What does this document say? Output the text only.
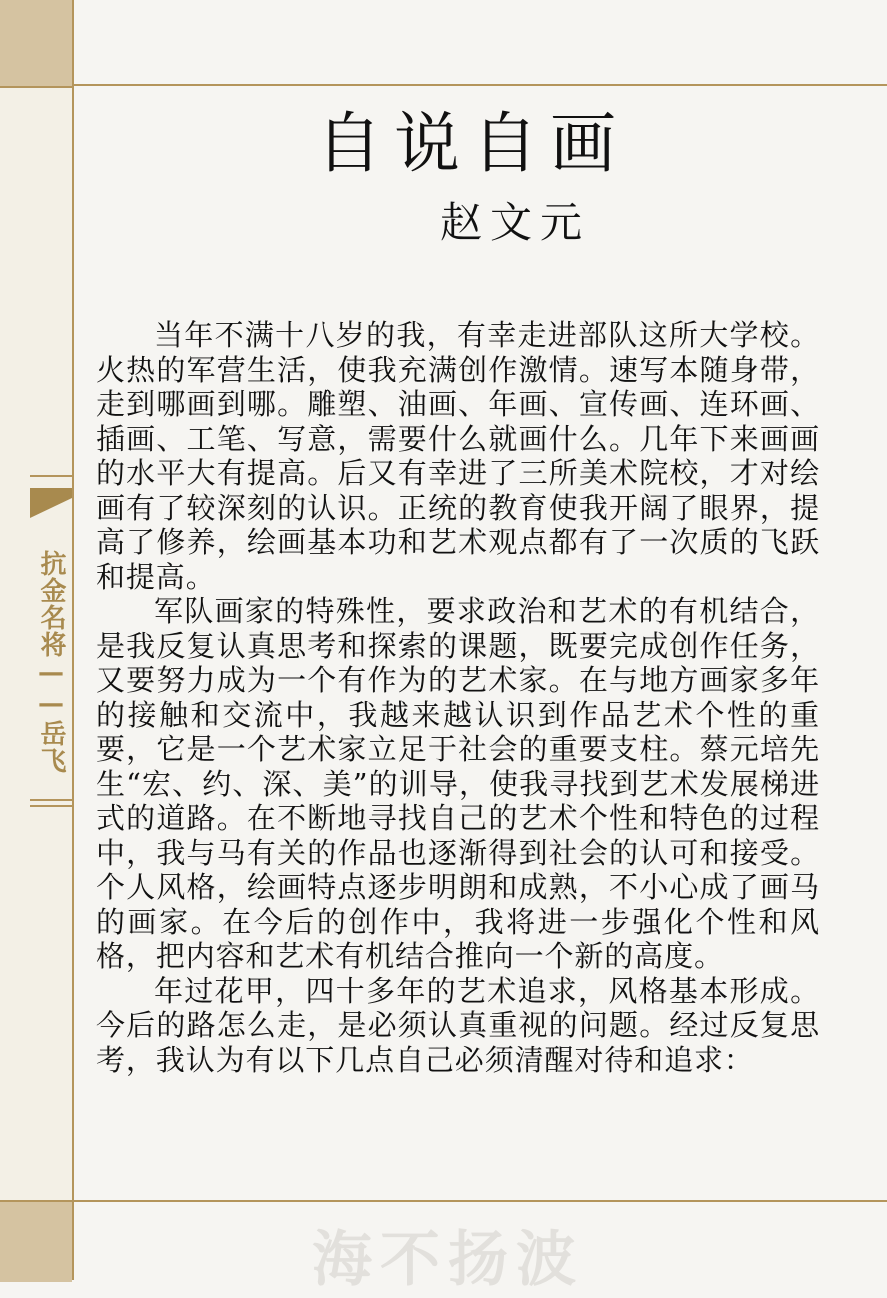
抗金名将——岳飞
自说自画
赵文元

当年不满十八岁的我，有幸走进部队这所大学校。火热的军营生活，使我充满创作激情。速写本随身带，走到哪画到哪。雕塑、油画、年画、宣传画、连环画、插画、工笔、写意，需要什么就画什么。几年下来画画的水平大有提高。后又有幸进了三所美术院校，才对绘画有了较深刻的认识。正统的教育使我开阔了眼界，提高了修养，绘画基本功和艺术观点都有了一次质的飞跃和提高。

军队画家的特殊性，要求政治和艺术的有机结合，是我反复认真思考和探索的课题，既要完成创作任务，又要努力成为一个有作为的艺术家。在与地方画家多年的接触和交流中，我越来越认识到作品艺术个性的重要，它是一个艺术家立足于社会的重要支柱。蔡元培先生“宏、约、深、美”的训导，使我寻找到艺术发展梯进式的道路。在不断地寻找自己的艺术个性和特色的过程中，我与马有关的作品也逐渐得到社会的认可和接受。个人风格，绘画特点逐步明朗和成熟，不小心成了画马的画家。在今后的创作中，我将进一步强化个性和风格，把内容和艺术有机结合推向一个新的高度。

年过花甲，四十多年的艺术追求，风格基本形成。今后的路怎么走，是必须认真重视的问题。经过反复思考，我认为有以下几点自己必须清醒对待和追求：

海不扬波
